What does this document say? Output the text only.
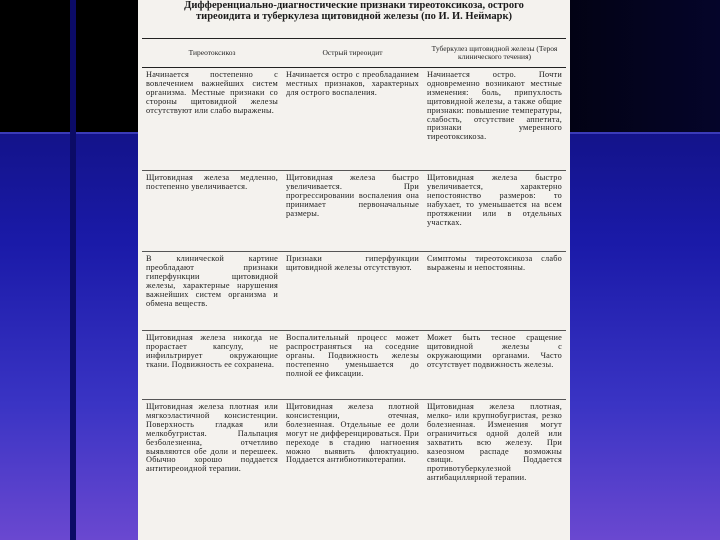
Дифференциально-диагностические признаки тиреотоксикоза, острого тиреоидита и туберкулеза щитовидной железы (по И. И. Неймарк)
Тиреотоксикоз	Острый тиреоидит	Туберкулез щитовидной железы (Тероя клинического течения)
Начинается постепенно с вовлечением важнейших систем организма. Местные признаки со стороны щитовидной железы отсутствуют или слабо выражены.
Начинается остро с преобладанием местных признаков, характерных для острого воспаления.
Начинается остро. Почти одновременно возникают местные изменения: боль, припухлость щитовидной железы, а также общие признаки: повышение температуры, слабость, отсутствие аппетита, признаки умеренного тиреотоксикоза.
Щитовидная железа медленно, постепенно увеличивается.
Щитовидная железа быстро увеличивается. При прогрессировании воспаления она принимает первоначальные размеры.
Щитовидная железа быстро увеличивается, характерно непостоянство размеров: то набухает, то уменьшается на всем протяжении или в отдельных участках.
В клинической картине преобладают признаки гиперфункции щитовидной железы, характерные нарушения важнейших систем организма и обмена веществ.
Признаки гиперфункции щитовидной железы отсутствуют.
Симптомы тиреотоксикоза слабо выражены и непостоянны.
Щитовидная железа никогда не прорастает капсулу, не инфильтрирует окружающие ткани. Подвижность ее сохранена.
Воспалительный процесс может распространяться на соседние органы. Подвижность железы постепенно уменьшается до полной ее фиксации.
Может быть тесное сращение щитовидной железы с окружающими органами. Часто отсутствует подвижность железы.
Щитовидная железа плотная или мягкоэластичной консистенции. Поверхность гладкая или мелкобугристая. Пальпация безболезненна, отчетливо выявляются обе доли и перешеек. Обычно хорошо поддается антитиреоидной терапии.
Щитовидная железа плотной консистенции, отечная, болезненная. Отдельные ее доли могут не дифференцироваться. При переходе в стадию нагноения можно выявить флюктуацию. Поддается антибиотикотерапии.
Щитовидная железа плотная, мелко- или крупнобугристая, резко болезненная. Изменения могут ограничиться одной долей или захватить всю железу. При казеозном распаде возможны свищи. Поддается противотуберкулезной антибациллярной терапии.
